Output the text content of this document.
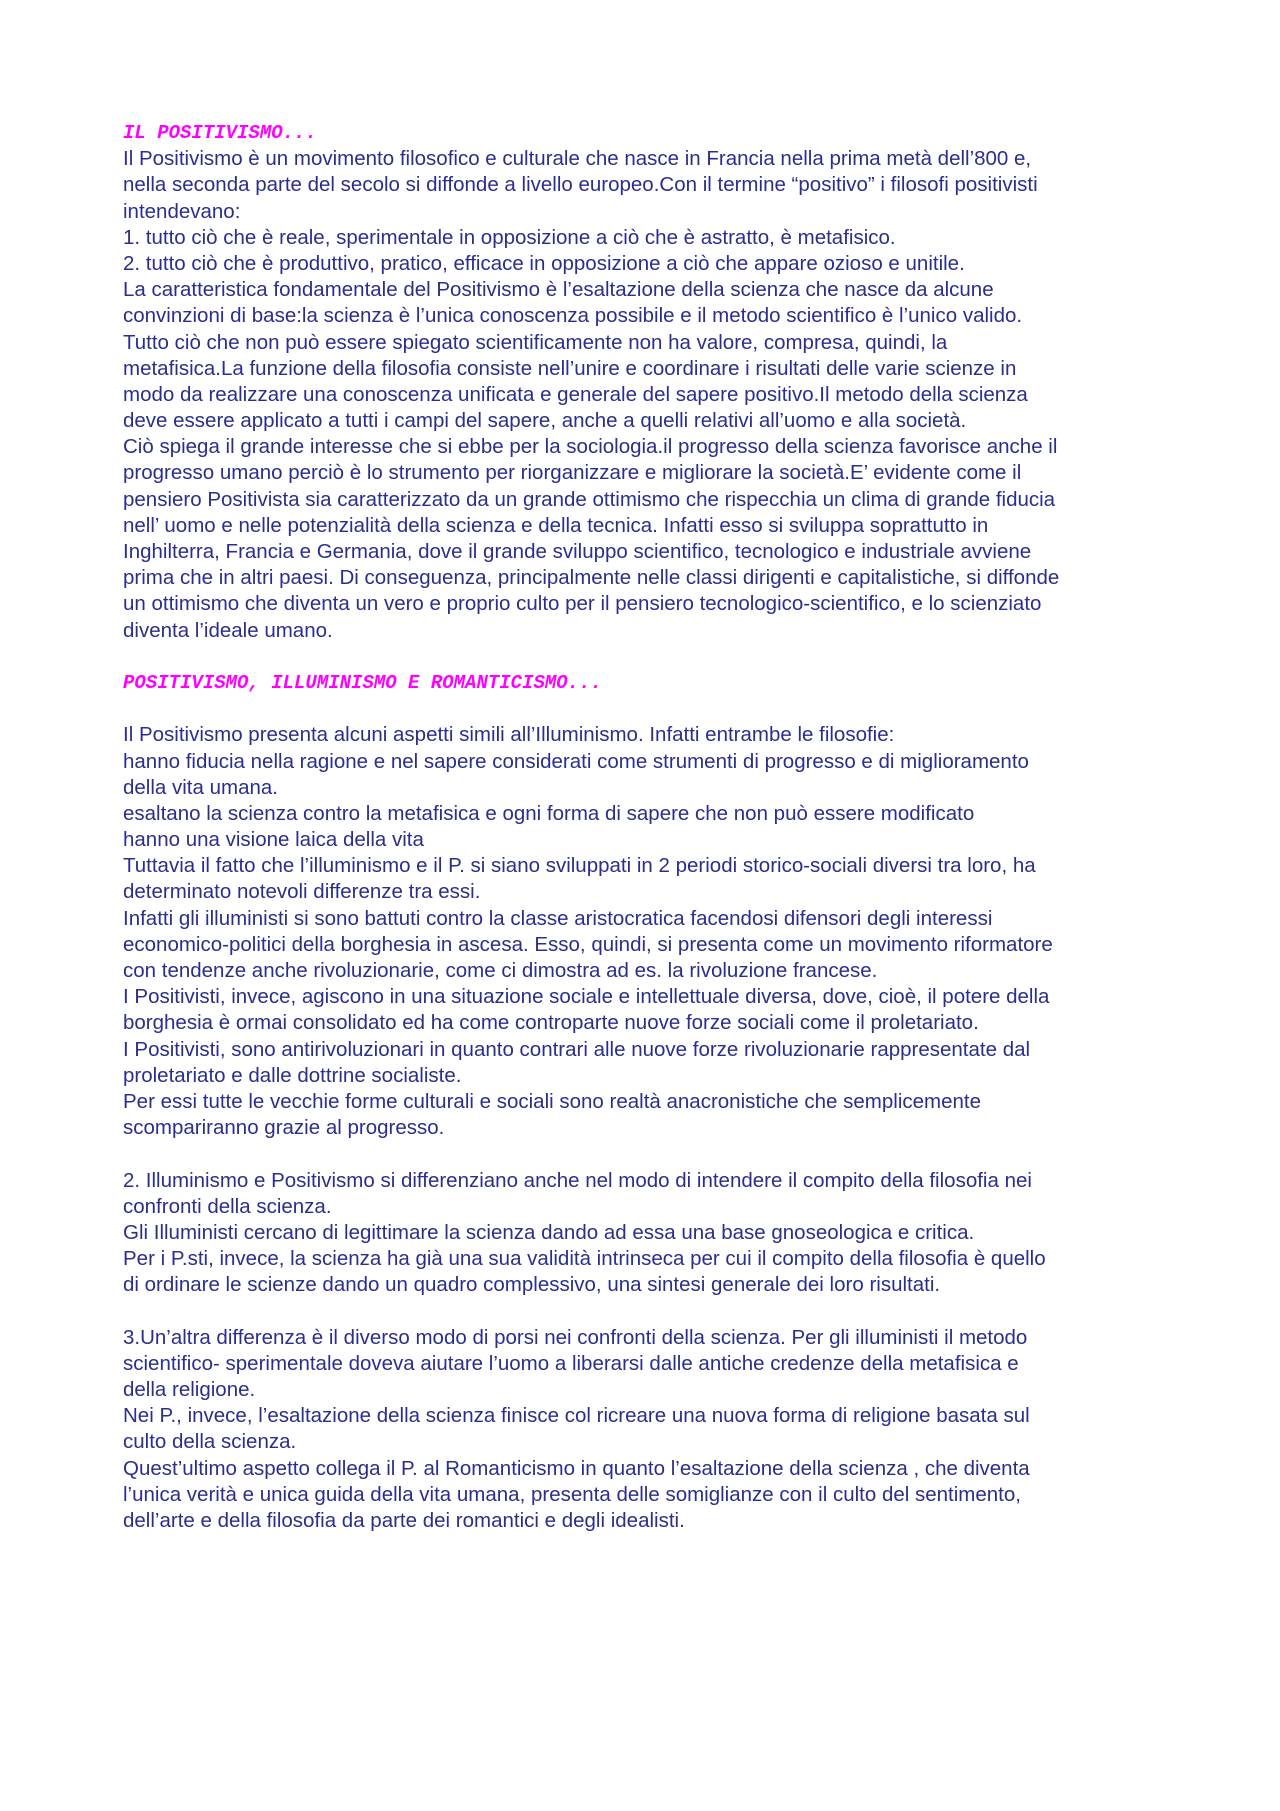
IL POSITIVISMO...
Il Positivismo è un movimento filosofico e culturale che nasce in Francia nella prima metà dell’800 e,
nella seconda parte del secolo si diffonde a livello europeo.Con il termine “positivo” i filosofi positivisti
intendevano:
1. tutto ciò che è reale, sperimentale in opposizione a ciò che è astratto, è metafisico.
2. tutto ciò che è produttivo, pratico, efficace in opposizione a ciò che appare ozioso e unitile.
La caratteristica fondamentale del Positivismo è l’esaltazione della scienza che nasce da alcune
convinzioni di base:la scienza è l’unica conoscenza possibile e il metodo scientifico è l’unico valido.
Tutto ciò che non può essere spiegato scientificamente non ha valore, compresa, quindi, la
metafisica.La funzione della filosofia consiste nell’unire e coordinare i risultati delle varie scienze in
modo da realizzare una conoscenza unificata e generale del sapere positivo.Il metodo della scienza
deve essere applicato a tutti i campi del sapere, anche a quelli relativi all’uomo e alla società.
Ciò spiega il grande interesse che si ebbe per la sociologia.il progresso della scienza favorisce anche il
progresso umano perciò è lo strumento per riorganizzare e migliorare la società.E’ evidente come il
pensiero Positivista sia caratterizzato da un grande ottimismo che rispecchia un clima di grande fiducia
nell’ uomo e nelle potenzialità della scienza e della tecnica. Infatti esso si sviluppa soprattutto in
Inghilterra, Francia e Germania, dove il grande sviluppo scientifico, tecnologico e industriale avviene
prima che in altri paesi. Di conseguenza, principalmente nelle classi dirigenti e capitalistiche, si diffonde
un ottimismo che diventa un vero e proprio culto per il pensiero tecnologico-scientifico, e lo scienziato
diventa l’ideale umano.
POSITIVISMO, ILLUMINISMO E ROMANTICISMO...
Il Positivismo presenta alcuni aspetti simili all’Illuminismo. Infatti entrambe le filosofie:
hanno fiducia nella ragione e nel sapere considerati come strumenti di progresso e di miglioramento
della vita umana.
esaltano la scienza contro la metafisica e ogni forma di sapere che non può essere modificato
hanno una visione laica della vita
Tuttavia il fatto che l’illuminismo e il P. si siano sviluppati in 2 periodi storico-sociali diversi tra loro, ha
determinato notevoli differenze tra essi.
Infatti gli illuministi si sono battuti contro la classe aristocratica facendosi difensori degli interessi
economico-politici della borghesia in ascesa. Esso, quindi, si presenta come un movimento riformatore
con tendenze anche rivoluzionarie, come ci dimostra ad es. la rivoluzione francese.
I Positivisti, invece, agiscono in una situazione sociale e intellettuale diversa, dove, cioè, il potere della
borghesia è ormai consolidato ed ha come controparte nuove forze sociali come il proletariato.
I Positivisti, sono antirivoluzionari in quanto contrari alle nuove forze rivoluzionarie rappresentate dal
proletariato e dalle dottrine socialiste.
Per essi tutte le vecchie forme culturali e sociali sono realtà anacronistiche che semplicemente
scompariranno grazie al progresso.
2. Illuminismo e Positivismo si differenziano anche nel modo di intendere il compito della filosofia nei
confronti della scienza.
Gli Illuministi cercano di legittimare la scienza dando ad essa una base gnoseologica e critica.
Per i P.sti, invece, la scienza ha già una sua validità intrinseca per cui il compito della filosofia è quello
di ordinare le scienze dando un quadro complessivo, una sintesi generale dei loro risultati.
3.Un’altra differenza è il diverso modo di porsi nei confronti della scienza. Per gli illuministi il metodo
scientifico- sperimentale doveva aiutare l’uomo a liberarsi dalle antiche credenze della metafisica e
della religione.
Nei P., invece, l’esaltazione della scienza finisce col ricreare una nuova forma di religione basata sul
culto della scienza.
Quest’ultimo aspetto collega il P. al Romanticismo in quanto l’esaltazione della scienza , che diventa
l’unica verità e unica guida della vita umana, presenta delle somiglianze con il culto del sentimento,
dell’arte e della filosofia da parte dei romantici e degli idealisti.
